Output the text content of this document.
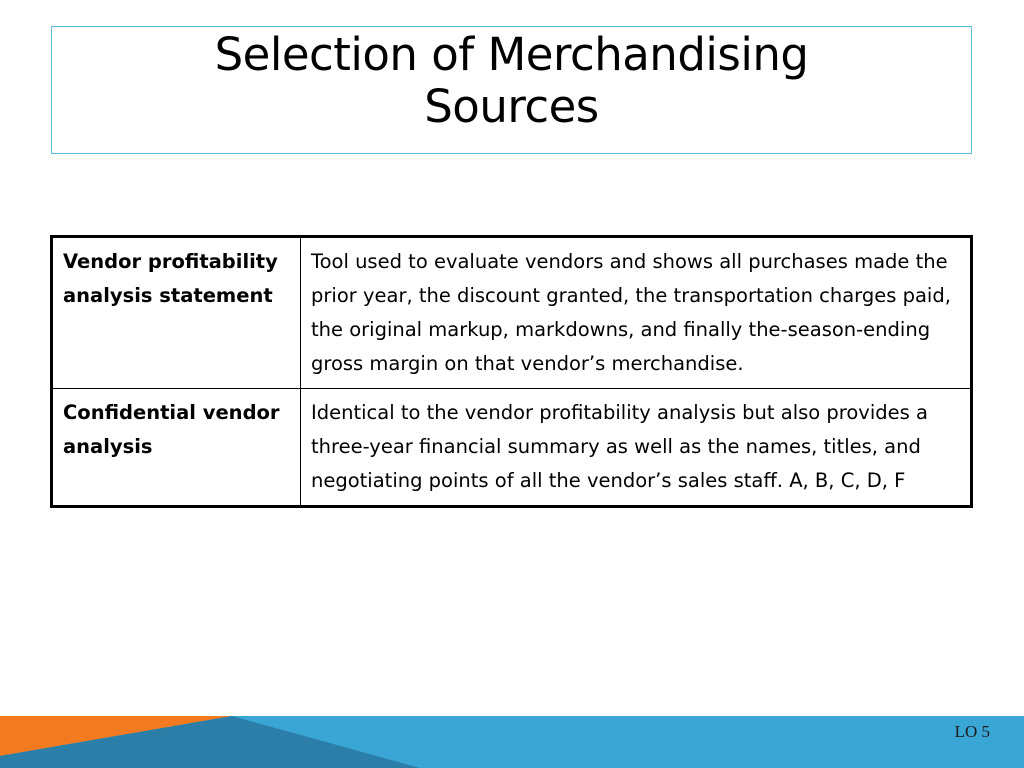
Selection of Merchandising
Sources
Vendor profitability analysis statement	Tool used to evaluate vendors and shows all purchases made the prior year, the discount granted, the transportation charges paid, the original markup, markdowns, and finally the-season-ending gross margin on that vendor’s merchandise.
Confidential vendor analysis	Identical to the vendor profitability analysis but also provides a three-year financial summary as well as the names, titles, and negotiating points of all the vendor’s sales staff. A, B, C, D, F
LO 5
